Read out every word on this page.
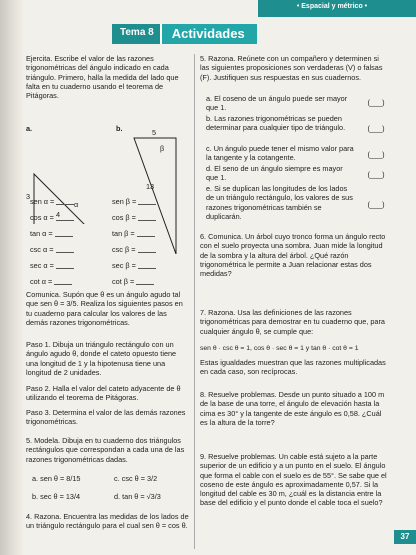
• Espacial y métrico •
Tema 8	Actividades
Ejercita. Escribe el valor de las razones trigonométricas del ángulo indicado en cada triángulo. Primero, halla la medida del lado que falta en tu cuaderno usando el teorema de Pitágoras.
a.
3
4
α
b.	5
13
β
sen α =	sen β =
cos α =	cos β =
tan α =	tan β =
csc α =	csc β =
sec α =	sec β =
cot α =	cot β =
Comunica. Supón que θ es un ángulo agudo tal que sen θ = 3/5. Realiza los siguientes pasos en tu cuaderno para calcular los valores de las demás razones trigonométricas.
Paso 1. Dibuja un triángulo rectángulo con un ángulo agudo θ, donde el cateto opuesto tiene una longitud de 1 y la hipotenusa tiene una longitud de 2 unidades.
Paso 2. Halla el valor del cateto adyacente de θ utilizando el teorema de Pitágoras.
Paso 3. Determina el valor de las demás razones trigonométricas.
5. Modela. Dibuja en tu cuaderno dos triángulos rectángulos que correspondan a cada una de las razones trigonométricas dadas.
a. sen θ = 8/15	c. csc θ = 3/2
b. sec θ = 13/4	d. tan θ = √3/3
4. Razona. Encuentra las medidas de los lados de un triángulo rectángulo para el cual sen θ = cos θ.
5. Razona. Reúnete con un compañero y determinen si las siguientes proposiciones son verdaderas (V) o falsas (F). Justifiquen sus respuestas en sus cuadernos.
a. El coseno de un ángulo puede ser mayor que 1.
(___)
b. Las razones trigonométricas se pueden determinar para cualquier tipo de triángulo.	(___)
c. Un ángulo puede tener el mismo valor para la tangente y la cotangente.	(___)
d. El seno de un ángulo siempre es mayor que 1.	(___)
e. Si se duplican las longitudes de los lados de un triángulo rectángulo, los valores de sus razones trigonométricas también se duplicarán.
(___)
6. Comunica. Un árbol cuyo tronco forma un ángulo recto con el suelo proyecta una sombra. Juan mide la longitud de la sombra y la altura del árbol. ¿Qué razón trigonométrica le permite a Juan relacionar estas dos medidas?
7. Razona. Usa las definiciones de las razones trigonométricas para demostrar en tu cuaderno que, para cualquier ángulo θ, se cumple que:
sen θ · csc θ = 1, cos θ · sec θ = 1 y tan θ · cot θ = 1
Estas igualdades muestran que las razones multiplicadas en cada caso, son recíprocas.
8. Resuelve problemas. Desde un punto situado a 100 m de la base de una torre, el ángulo de elevación hasta la cima es 30° y la tangente de este ángulo es 0,58. ¿Cuál es la altura de la torre?
9. Resuelve problemas. Un cable está sujeto a la parte superior de un edificio y a un punto en el suelo. El ángulo que forma el cable con el suelo es de 55°. Se sabe que el coseno de este ángulo es aproximadamente 0,57. Si la longitud del cable es 30 m, ¿cuál es la distancia entre la base del edificio y el punto donde el cable toca el suelo?
37
